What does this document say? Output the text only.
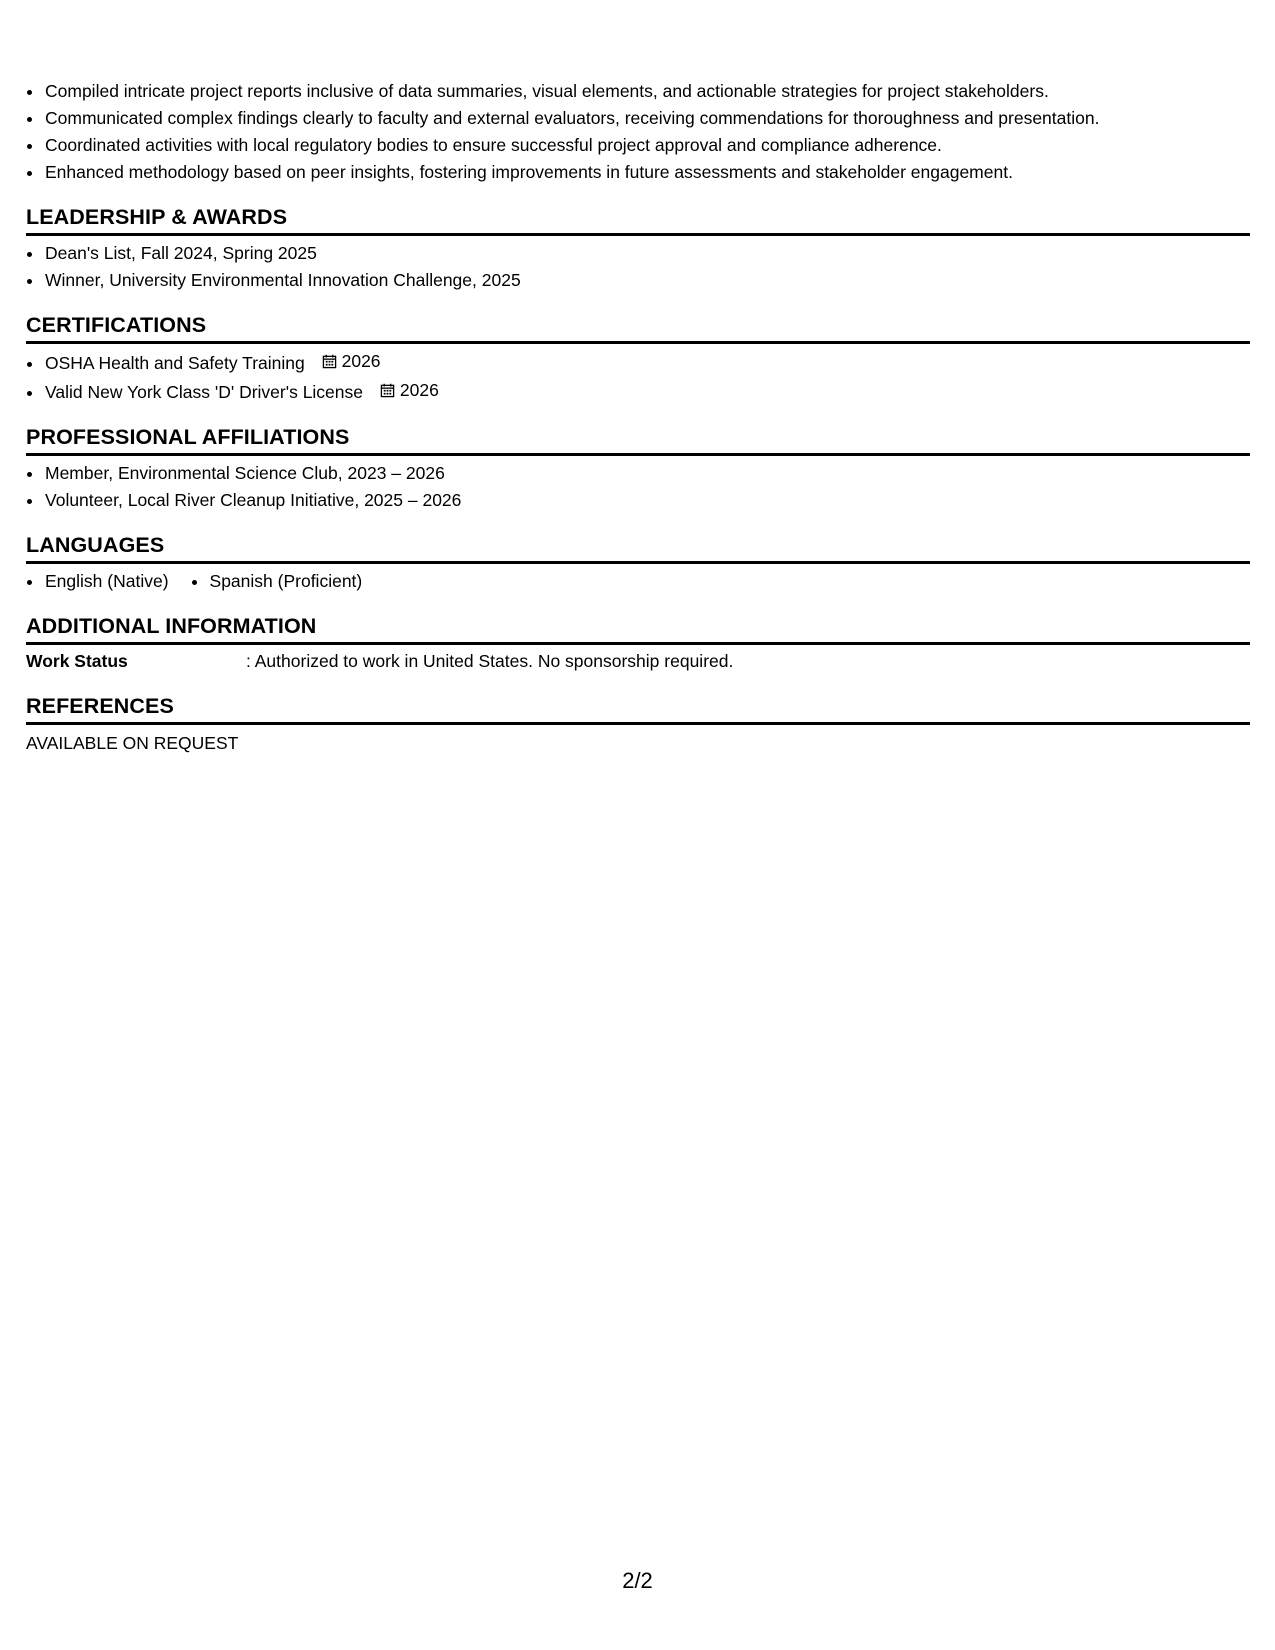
• Compiled intricate project reports inclusive of data summaries, visual elements, and actionable strategies for project stakeholders.
• Communicated complex findings clearly to faculty and external evaluators, receiving commendations for thoroughness and presentation.
• Coordinated activities with local regulatory bodies to ensure successful project approval and compliance adherence.
• Enhanced methodology based on peer insights, fostering improvements in future assessments and stakeholder engagement.
LEADERSHIP & AWARDS
• Dean's List, Fall 2024, Spring 2025
• Winner, University Environmental Innovation Challenge, 2025
CERTIFICATIONS
• OSHA Health and Safety Training 2026
• Valid New York Class 'D' Driver's License 2026
PROFESSIONAL AFFILIATIONS
• Member, Environmental Science Club, 2023 – 2026
• Volunteer, Local River Cleanup Initiative, 2025 – 2026
LANGUAGES
• English (Native)
• Spanish (Proficient)
ADDITIONAL INFORMATION
Work Status	: Authorized to work in United States. No sponsorship required.
REFERENCES
AVAILABLE ON REQUEST
2/2
